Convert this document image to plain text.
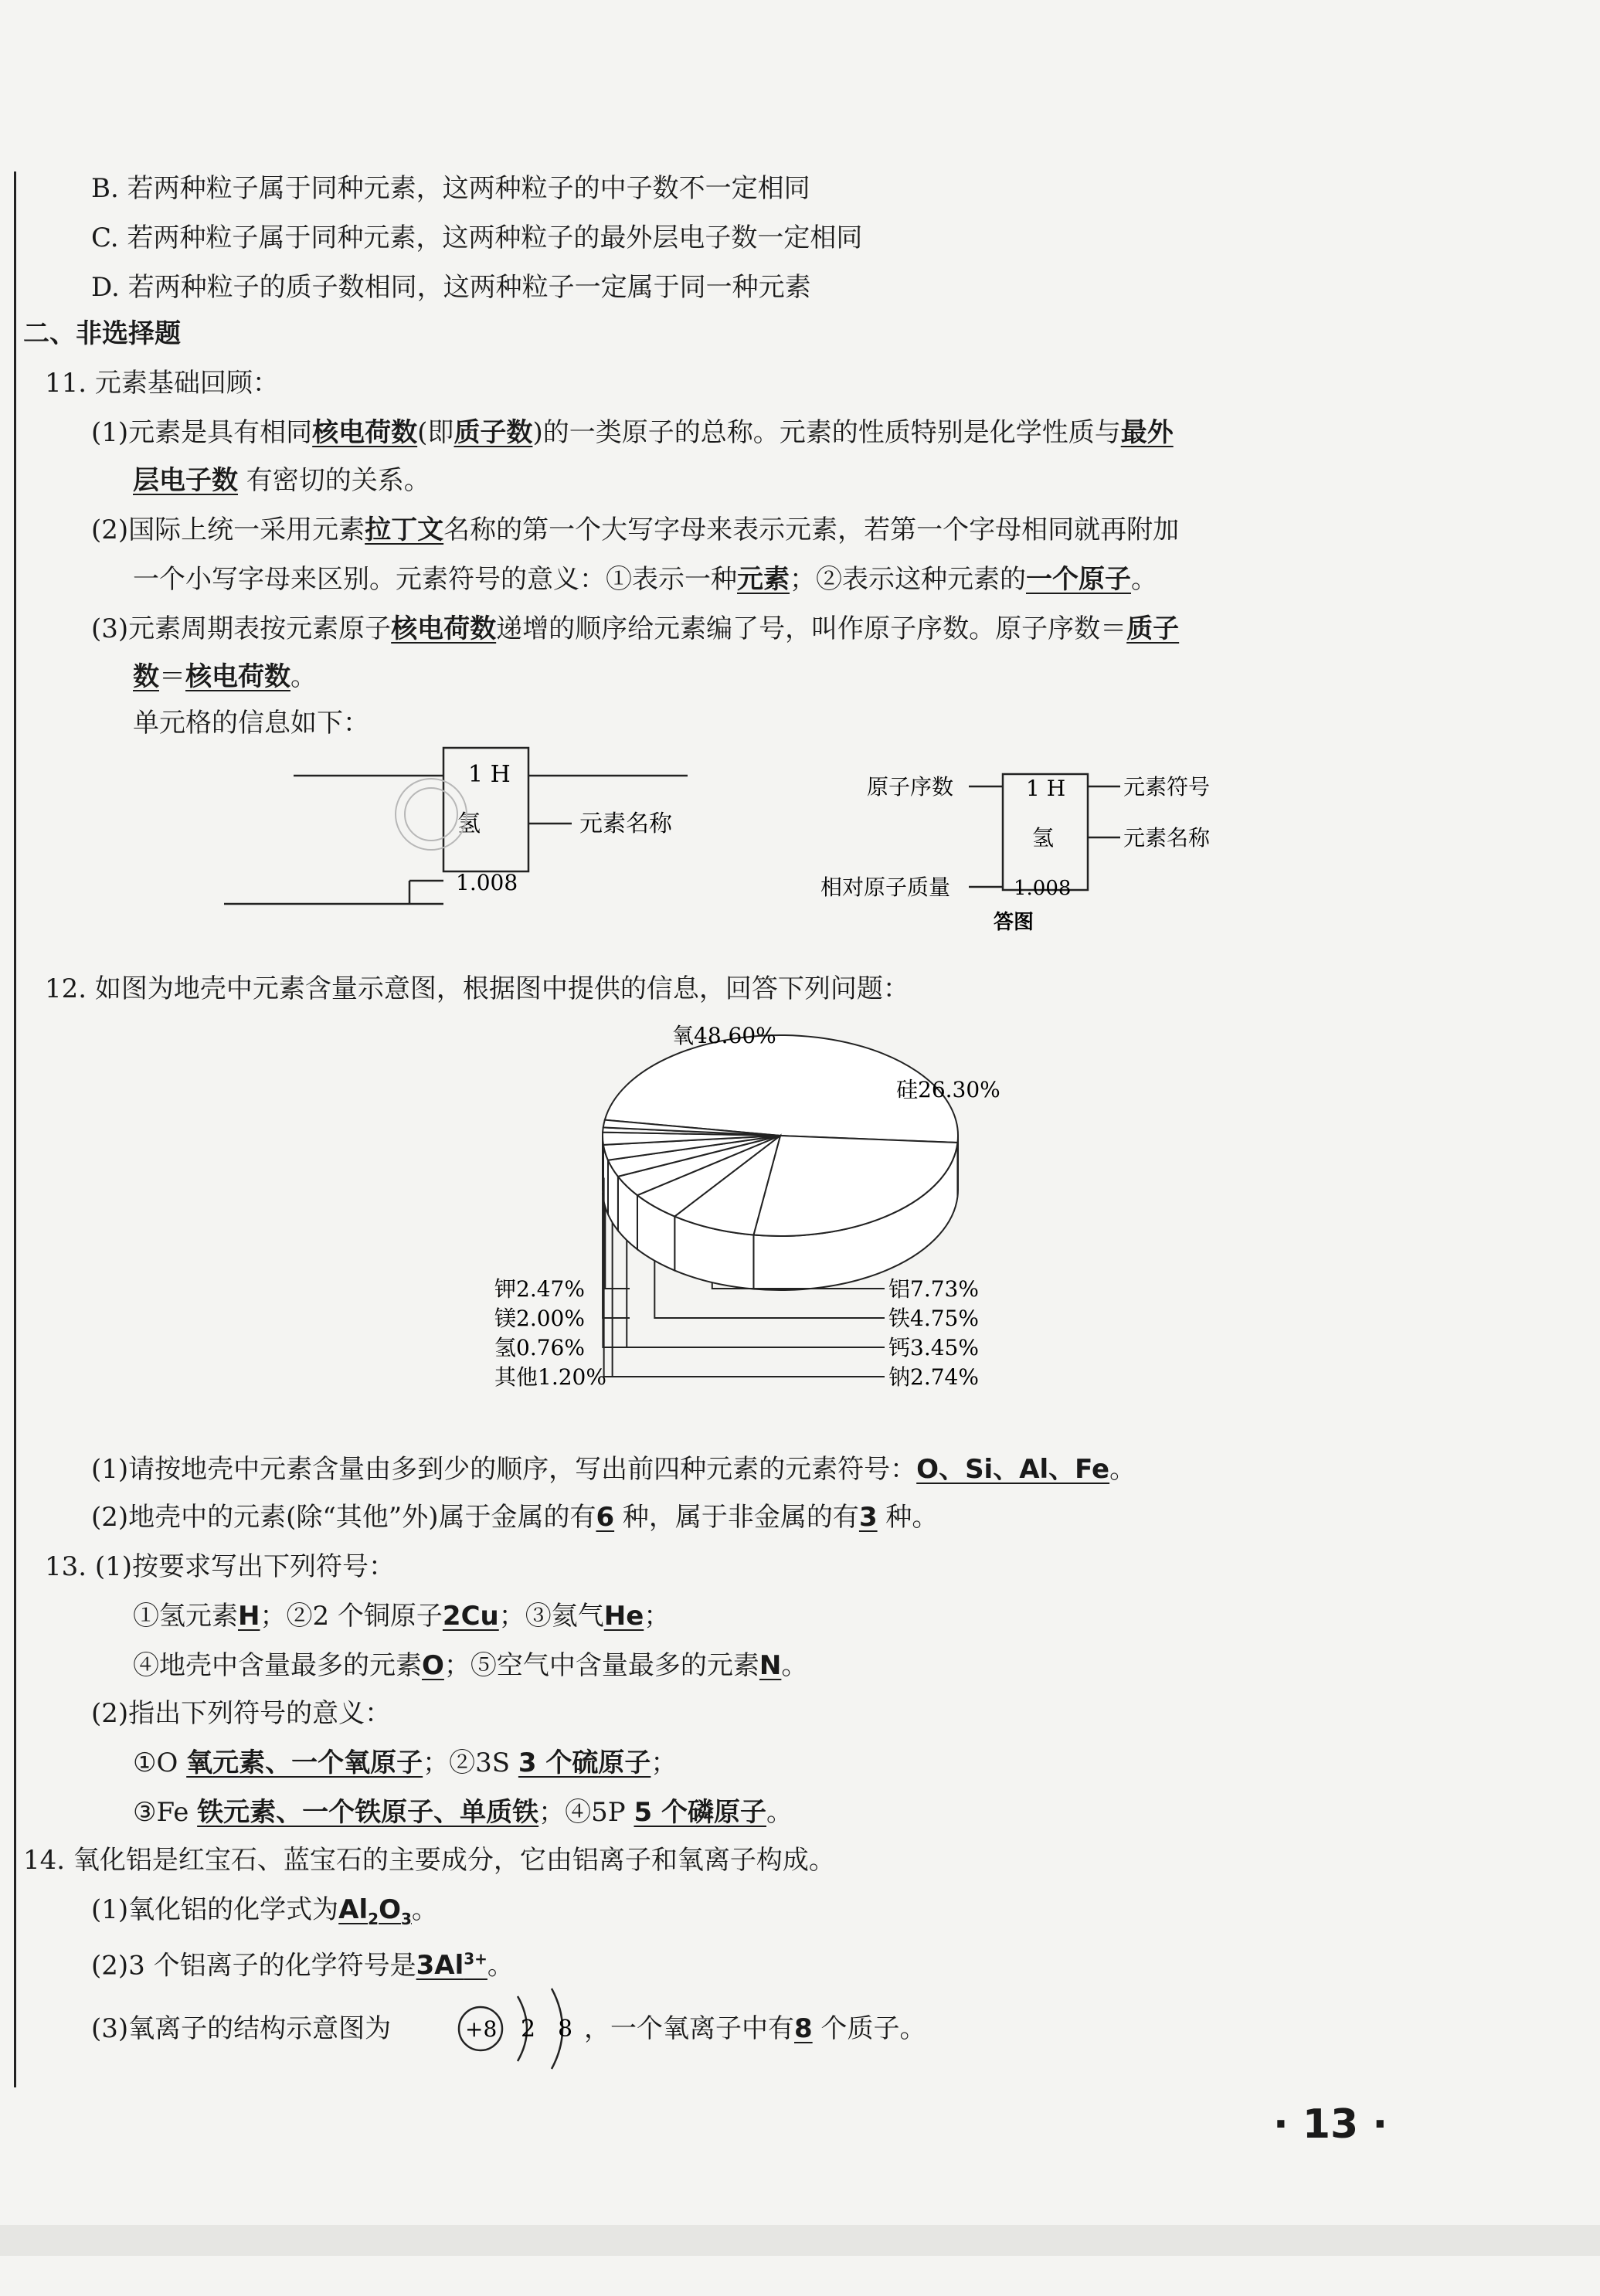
B. 若两种粒子属于同种元素，这两种粒子的中子数不一定相同
C. 若两种粒子属于同种元素，这两种粒子的最外层电子数一定相同
D. 若两种粒子的质子数相同，这两种粒子一定属于同一种元素
二、非选择题
11. 元素基础回顾：
(1)元素是具有相同核电荷数(即质子数)的一类原子的总称。元素的性质特别是化学性质与最外
层电子数 有密切的关系。
(2)国际上统一采用元素拉丁文名称的第一个大写字母来表示元素，若第一个字母相同就再附加
一个小写字母来区别。元素符号的意义：①表示一种元素；②表示这种元素的一个原子。
(3)元素周期表按元素原子核电荷数递增的顺序给元素编了号，叫作原子序数。原子序数＝质子
数＝核电荷数。
单元格的信息如下：
1 H
氢
1.008
元素名称
原子序数	1 H	元素符号
氢	元素名称
相对原子质量	1.008
答图
12. 如图为地壳中元素含量示意图，根据图中提供的信息，回答下列问题：
氧48.60%
硅26.30%
铝7.73%
铁4.75%
钙3.45%
钠2.74%
钾2.47%
镁2.00%
氢0.76%
其他1.20%
(1)请按地壳中元素含量由多到少的顺序，写出前四种元素的元素符号：O、Si、Al、Fe。
(2)地壳中的元素(除“其他”外)属于金属的有6 种，属于非金属的有3 种。
13. (1)按要求写出下列符号：
①氢元素H；②2 个铜原子2Cu；③氦气He；
④地壳中含量最多的元素O；⑤空气中含量最多的元素N。
(2)指出下列符号的意义：
①O 氧元素、一个氧原子；②3S 3 个硫原子；
③Fe 铁元素、一个铁原子、单质铁；④5P 5 个磷原子。
14. 氧化铝是红宝石、蓝宝石的主要成分，它由铝离子和氧离子构成。
(1)氧化铝的化学式为$Al_2O_3$。
(2)3 个铝离子的化学符号是$3Al^{3+}$。
(3)氧离子的结构示意图为	+8 2 8 ，一个氧离子中有8 个质子。
· 13 ·
